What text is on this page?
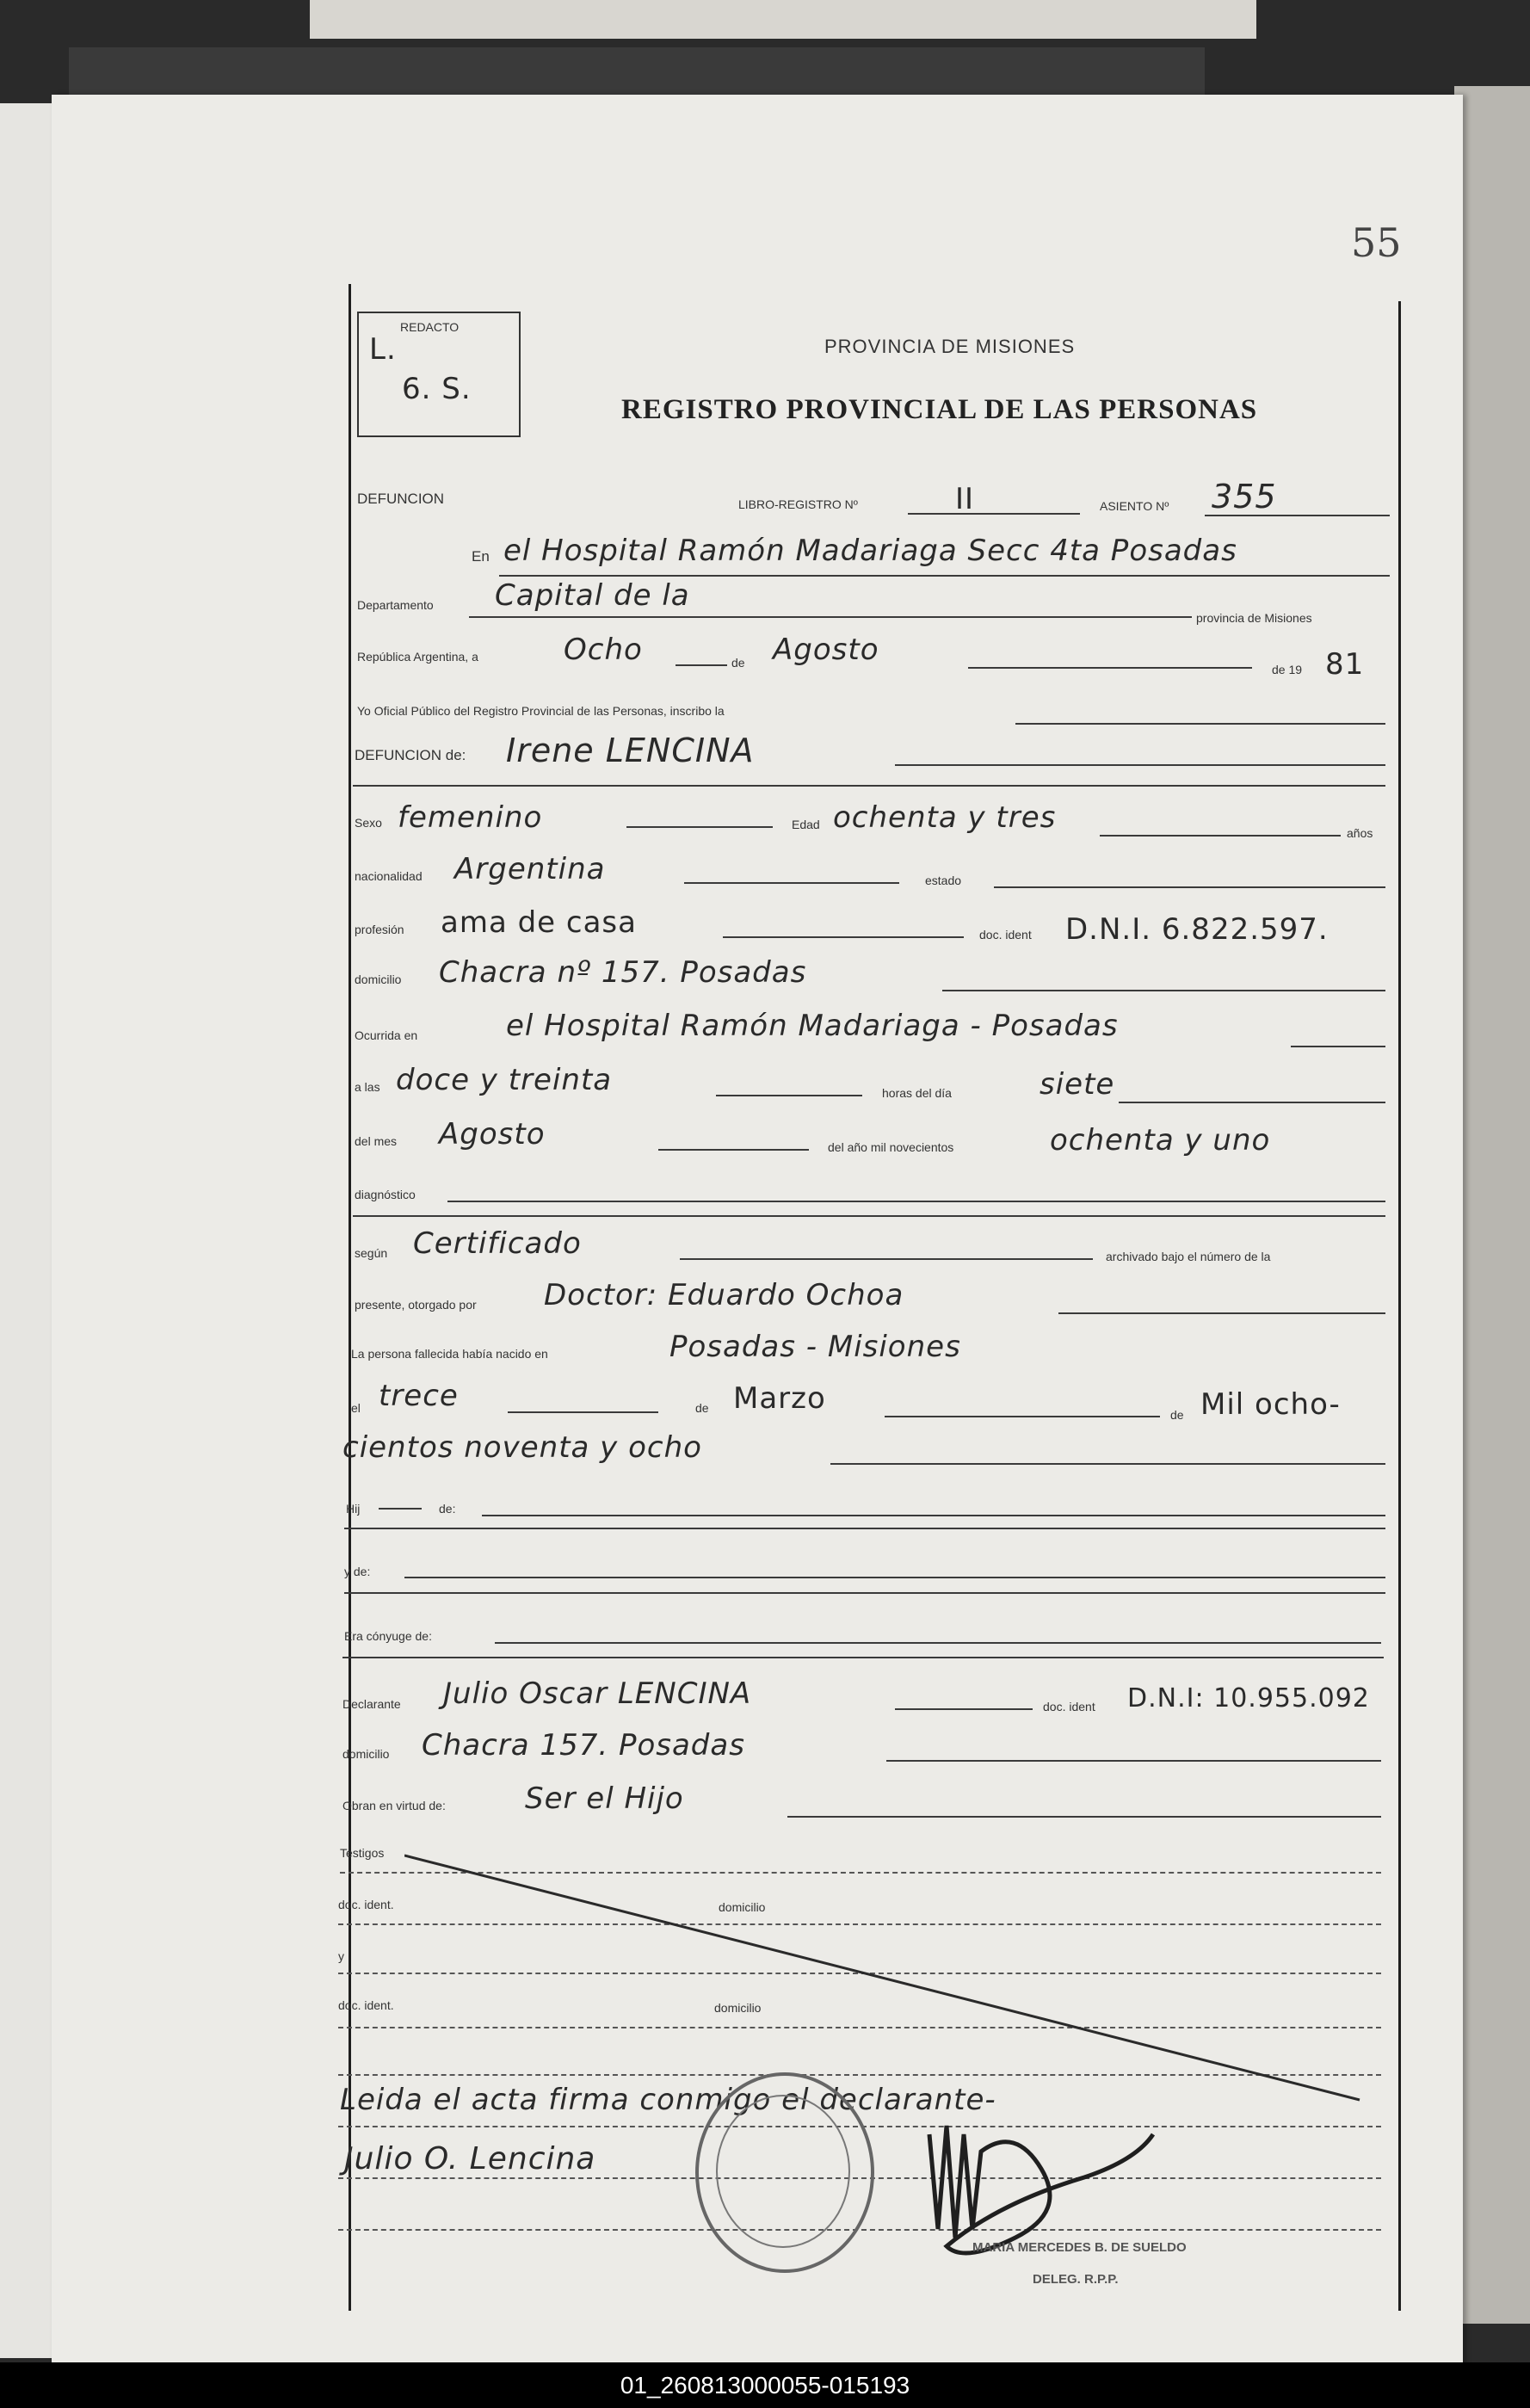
55
REDACTO
L.
6. S.
PROVINCIA DE MISIONES
REGISTRO PROVINCIAL DE LAS PERSONAS
DEFUNCION	LIBRO-REGISTRO Nº	II	ASIENTO Nº 355
En el Hospital Ramón Madariaga Secc 4ta Posadas
Departamento Capital de la
provincia de Misiones
República Argentina, a	Ocho	de Agosto
de 19 81
Yo Oficial Público del Registro Provincial de las Personas, inscribo la
DEFUNCION de: Irene LENCINA
Sexo femenino	Edad ochenta y tres	años
nacionalidad Argentina	estado
profesión ama de casa	doc. ident D.N.I. 6.822.597.
domicilio Chacra nº 157. Posadas
Ocurrida en	el Hospital Ramón Madariaga - Posadas
a las doce y treinta	horas del día	siete
del mes Agosto	del año mil novecientos	ochenta y uno
diagnóstico
según Certificado	archivado bajo el número de la
presente, otorgado por Doctor: Eduardo Ochoa
La persona fallecida había nacido en	Posadas - Misiones
el trece	de Marzo	de Mil ocho-
cientos noventa y ocho
Hij	de:
y de:
Era cónyuge de:
Declarante Julio Oscar LENCINA	doc. ident D.N.I: 10.955.092
domicilio Chacra 157. Posadas
Obran en virtud de:	Ser el Hijo
Testigos
doc. ident.	domicilio
y
doc. ident.	domicilio
Leida el acta firma conmigo el declarante-
Julio O. Lencina
MARIA MERCEDES B. DE SUELDO
DELEG. R.P.P.
01_260813000055-015193
